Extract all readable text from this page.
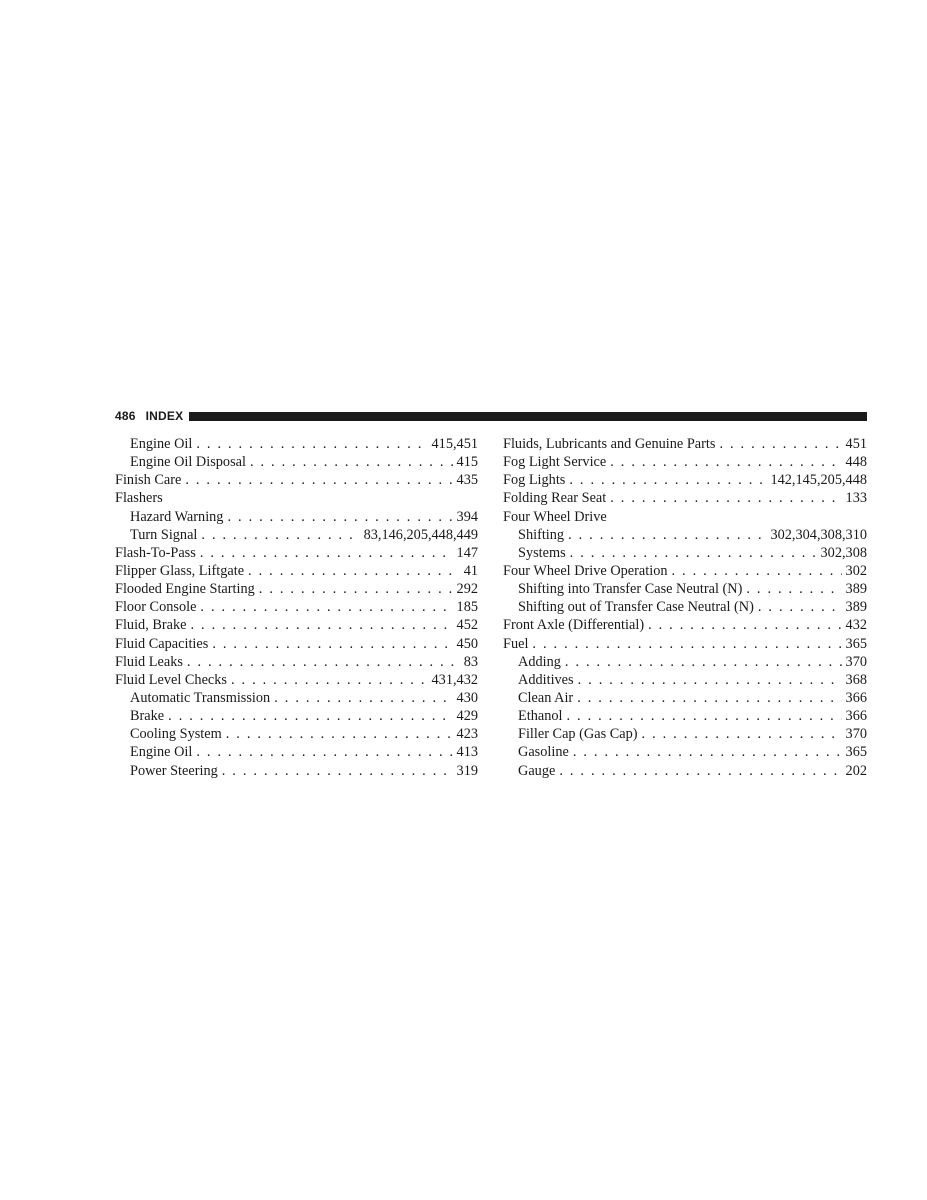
486 INDEX
Engine Oil . . .	415,451
Engine Oil Disposal . . .	415
Finish Care . . .	435
Flashers
Hazard Warning . . .	394
Turn Signal . . .	83,146,205,448,449
Flash-To-Pass . . .	147
Flipper Glass, Liftgate . . .	41
Flooded Engine Starting . . .	292
Floor Console . . .	185
Fluid, Brake . . .	452
Fluid Capacities . . .	450
Fluid Leaks . . .	83
Fluid Level Checks . . .	431,432
Automatic Transmission . . .	430
Brake . . .	429
Cooling System . . .	423
Engine Oil . . .	413
Power Steering . . .	319
Fluids, Lubricants and Genuine Parts . . .	451
Fog Light Service . . .	448
Fog Lights . . .	142,145,205,448
Folding Rear Seat . . .	133
Four Wheel Drive
Shifting . . .	302,304,308,310
Systems . . .	302,308
Four Wheel Drive Operation . . .	302
Shifting into Transfer Case Neutral (N) . . .	389
Shifting out of Transfer Case Neutral (N) . . .	389
Front Axle (Differential) . . .	432
Fuel . . .	365
Adding . . .	370
Additives . . .	368
Clean Air . . .	366
Ethanol . . .	366
Filler Cap (Gas Cap) . . .	370
Gasoline . . .	365
Gauge . . .	202
